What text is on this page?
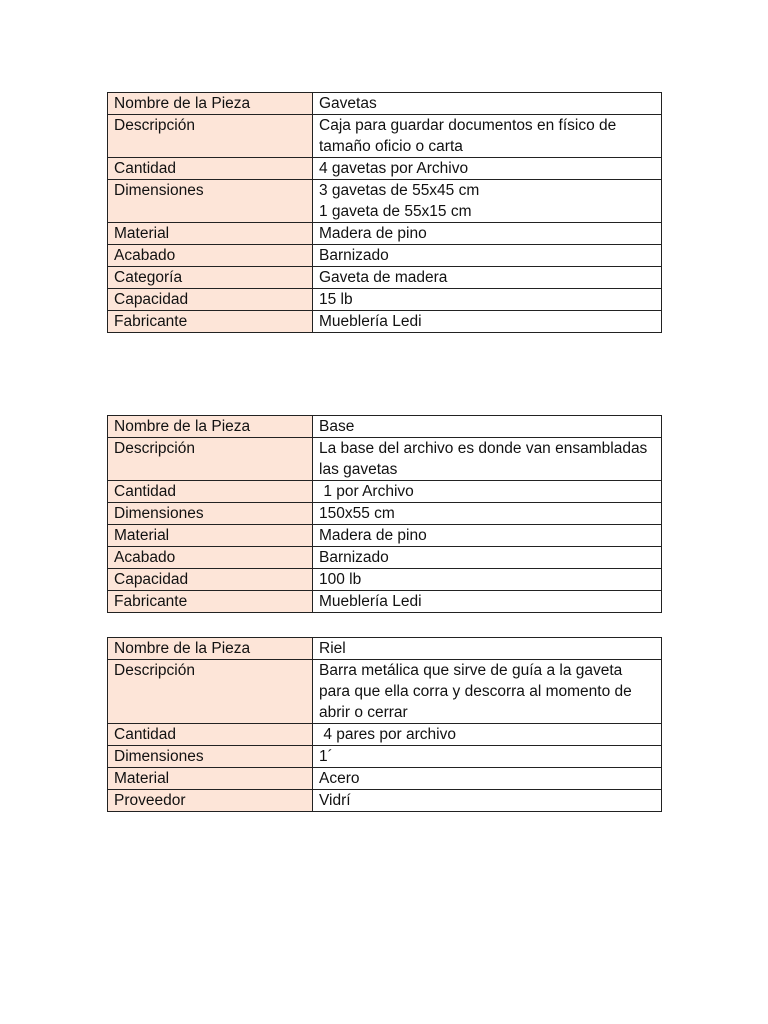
Nombre de la Pieza	Gavetas
Descripción	Caja para guardar documentos en físico de tamaño oficio o carta
Cantidad	4 gavetas por Archivo
Dimensiones	3 gavetas de 55x45 cm
1 gaveta de 55x15 cm
Material	Madera de pino
Acabado	Barnizado
Categoría	Gaveta de madera
Capacidad	15 lb
Fabricante	Mueblería Ledi
Nombre de la Pieza	Base
Descripción	La base del archivo es donde van ensambladas las gavetas
Cantidad	1 por Archivo
Dimensiones	150x55 cm
Material	Madera de pino
Acabado	Barnizado
Capacidad	100 lb
Fabricante	Mueblería Ledi
Nombre de la Pieza	Riel
Descripción	Barra metálica que sirve de guía a la gaveta para que ella corra y descorra al momento de abrir o cerrar
Cantidad	4 pares por archivo
Dimensiones	1´
Material	Acero
Proveedor	Vidrí
